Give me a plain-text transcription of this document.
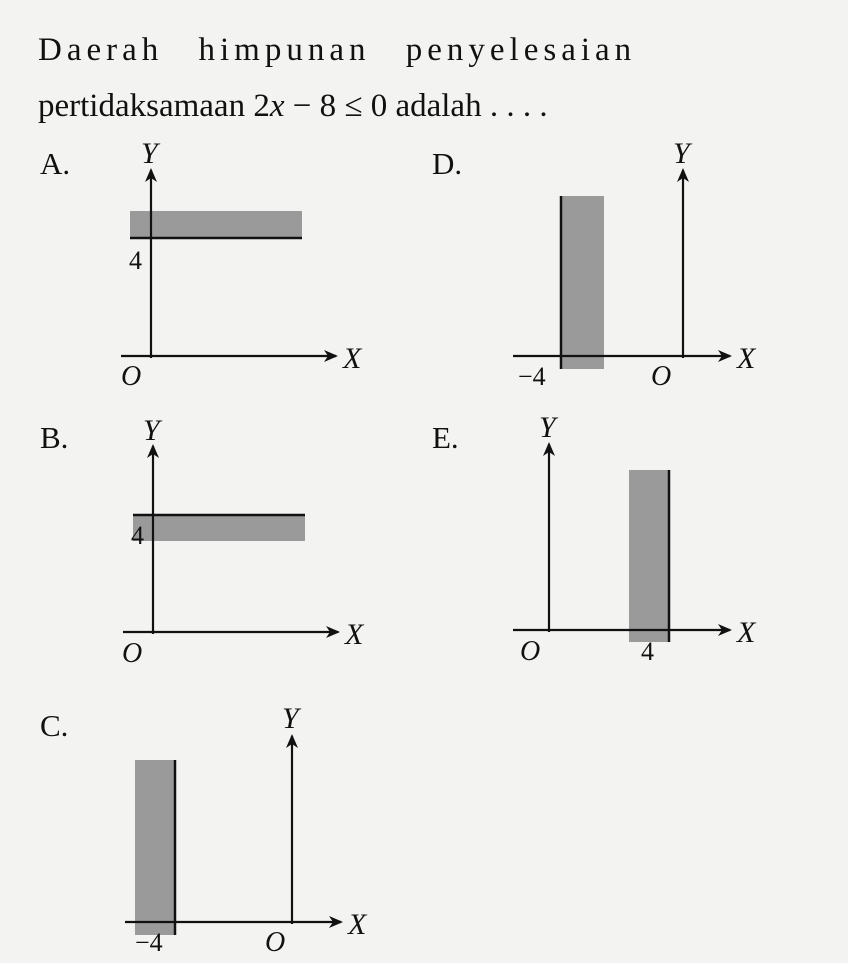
Daerah himpunan penyelesaian
pertidaksamaan 2x − 8 ≤ 0 adalah . . . .
A.
B.
C.
D.
E.
Y
X
4
O
Y
X
4
O
Y
X
−4	O
Y
X
−4	O
Y
X
4
O
